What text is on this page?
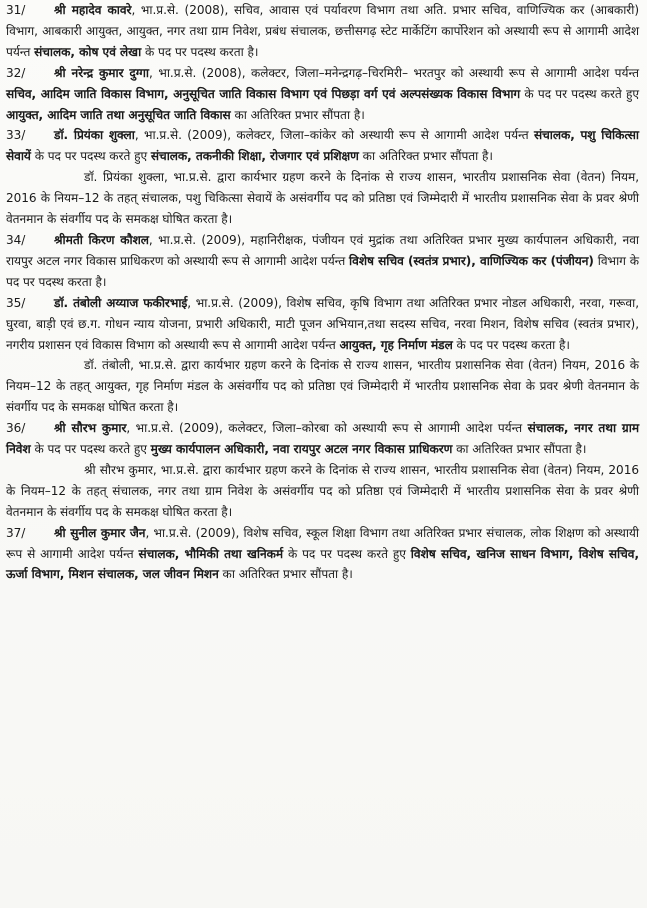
31/ श्री महादेव कावरे, भा.प्र.से. (2008), सचिव, आवास एवं पर्यावरण विभाग तथा अति. प्रभार सचिव, वाणिज्यिक कर (आबकारी) विभाग, आबकारी आयुक्त, आयुक्त, नगर तथा ग्राम निवेश, प्रबंध संचालक, छत्तीसगढ़ स्टेट मार्केटिंग कार्पोरेशन को अस्थायी रूप से आगामी आदेश पर्यन्त संचालक, कोष एवं लेखा के पद पर पदस्थ करता है।

32/ श्री नरेन्द्र कुमार दुग्गा, भा.प्र.से. (2008), कलेक्टर, जिला–मनेन्द्रगढ़–चिरमिरी– भरतपुर को अस्थायी रूप से आगामी आदेश पर्यन्त सचिव, आदिम जाति विकास विभाग, अनुसूचित जाति विकास विभाग एवं पिछड़ा वर्ग एवं अल्पसंख्यक विकास विभाग के पद पर पदस्थ करते हुए आयुक्त, आदिम जाति तथा अनुसूचित जाति विकास का अतिरिक्त प्रभार सौंपता है।

33/ डॉ. प्रियंका शुक्ला, भा.प्र.से. (2009), कलेक्टर, जिला–कांकेर को अस्थायी रूप से आगामी आदेश पर्यन्त संचालक, पशु चिकित्सा सेवायें के पद पर पदस्थ करते हुए संचालक, तकनीकी शिक्षा, रोजगार एवं प्रशिक्षण का अतिरिक्त प्रभार सौंपता है।

डॉ. प्रियंका शुक्ला, भा.प्र.से. द्वारा कार्यभार ग्रहण करने के दिनांक से राज्य शासन, भारतीय प्रशासनिक सेवा (वेतन) नियम, 2016 के नियम–12 के तहत् संचालक, पशु चिकित्सा सेवायें के असंवर्गीय पद को प्रतिष्ठा एवं जिम्मेदारी में भारतीय प्रशासनिक सेवा के प्रवर श्रेणी वेतनमान के संवर्गीय पद के समकक्ष घोषित करता है।

34/ श्रीमती किरण कौशल, भा.प्र.से. (2009), महानिरीक्षक, पंजीयन एवं मुद्रांक तथा अतिरिक्त प्रभार मुख्य कार्यपालन अधिकारी, नवा रायपुर अटल नगर विकास प्राधिकरण को अस्थायी रूप से आगामी आदेश पर्यन्त विशेष सचिव (स्वतंत्र प्रभार), वाणिज्यिक कर (पंजीयन) विभाग के पद पर पदस्थ करता है।

35/ डॉ. तंबोली अय्याज फकीरभाई, भा.प्र.से. (2009), विशेष सचिव, कृषि विभाग तथा अतिरिक्त प्रभार नोडल अधिकारी, नरवा, गरूवा, घुरवा, बाड़ी एवं छ.ग. गोधन न्याय योजना, प्रभारी अधिकारी, माटी पूजन अभियान,तथा सदस्य सचिव, नरवा मिशन, विशेष सचिव (स्वतंत्र प्रभार), नगरीय प्रशासन एवं विकास विभाग को अस्थायी रूप से आगामी आदेश पर्यन्त आयुक्त, गृह निर्माण मंडल के पद पर पदस्थ करता है।

डॉ. तंबोली, भा.प्र.से. द्वारा कार्यभार ग्रहण करने के दिनांक से राज्य शासन, भारतीय प्रशासनिक सेवा (वेतन) नियम, 2016 के नियम–12 के तहत् आयुक्त, गृह निर्माण मंडल के असंवर्गीय पद को प्रतिष्ठा एवं जिम्मेदारी में भारतीय प्रशासनिक सेवा के प्रवर श्रेणी वेतनमान के संवर्गीय पद के समकक्ष घोषित करता है।

36/ श्री सौरभ कुमार, भा.प्र.से. (2009), कलेक्टर, जिला–कोरबा को अस्थायी रूप से आगामी आदेश पर्यन्त संचालक, नगर तथा ग्राम निवेश के पद पर पदस्थ करते हुए मुख्य कार्यपालन अधिकारी, नवा रायपुर अटल नगर विकास प्राधिकरण का अतिरिक्त प्रभार सौंपता है।

श्री सौरभ कुमार, भा.प्र.से. द्वारा कार्यभार ग्रहण करने के दिनांक से राज्य शासन, भारतीय प्रशासनिक सेवा (वेतन) नियम, 2016 के नियम–12 के तहत् संचालक, नगर तथा ग्राम निवेश के असंवर्गीय पद को प्रतिष्ठा एवं जिम्मेदारी में भारतीय प्रशासनिक सेवा के प्रवर श्रेणी वेतनमान के संवर्गीय पद के समकक्ष घोषित करता है।

37/ श्री सुनील कुमार जैन, भा.प्र.से. (2009), विशेष सचिव, स्कूल शिक्षा विभाग तथा अतिरिक्त प्रभार संचालक, लोक शिक्षण को अस्थायी रूप से आगामी आदेश पर्यन्त संचालक, भौमिकी तथा खनिकर्म के पद पर पदस्थ करते हुए विशेष सचिव, खनिज साधन विभाग, विशेष सचिव, ऊर्जा विभाग, मिशन संचालक, जल जीवन मिशन का अतिरिक्त प्रभार सौंपता है।
